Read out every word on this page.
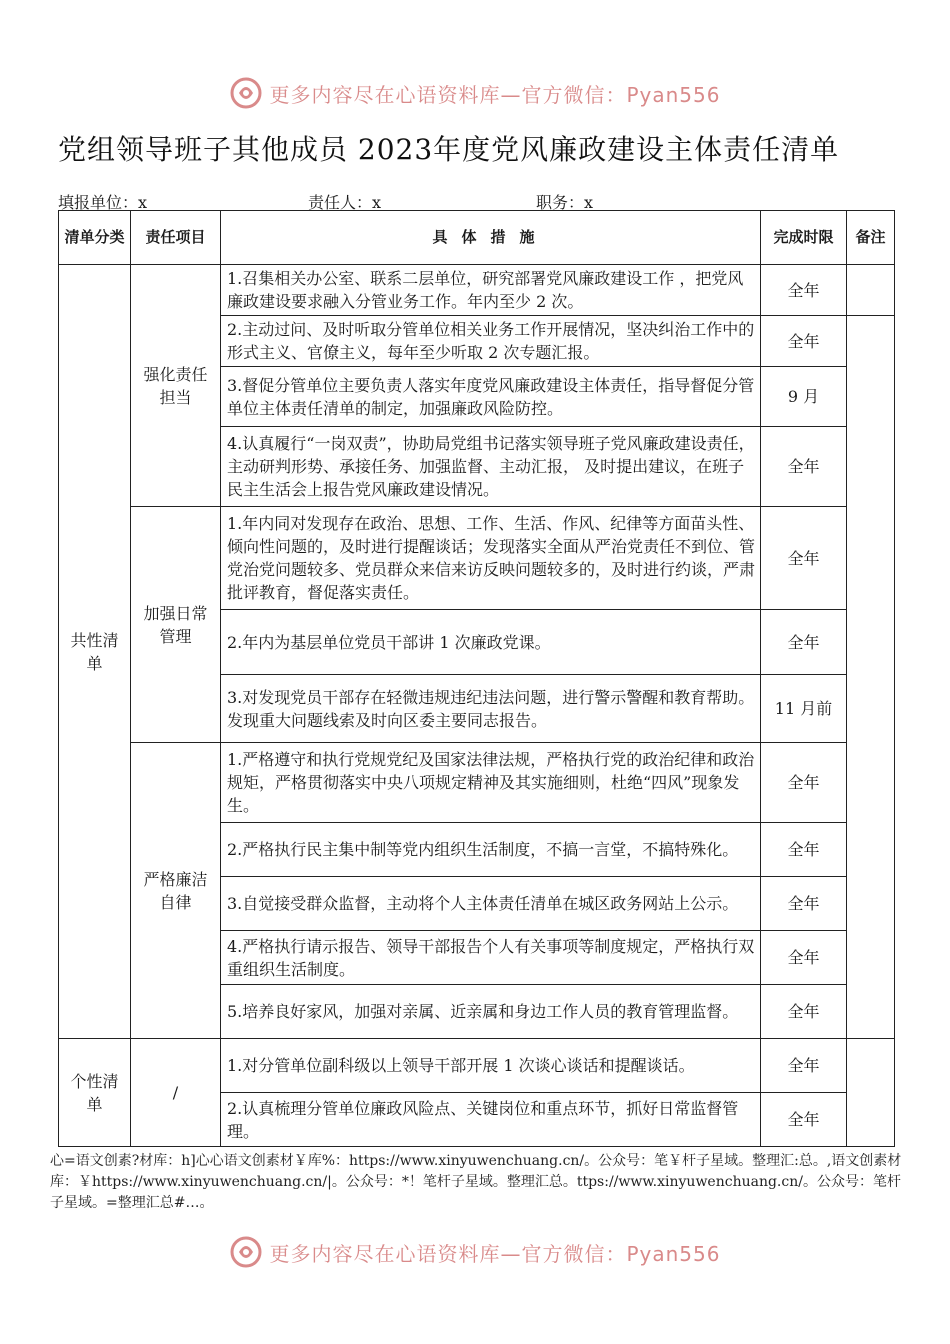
更多内容尽在心语资料库—官方微信：Pyan556
党组领导班子其他成员 2023年度党风廉政建设主体责任清单
填报单位：x	责任人：x	职务：x
清单分类	责任项目	具体措施	完成时限	备注
共性清单	强化责任担当	1.召集相关办公室、联系二层单位，研究部署党风廉政建设工作 ，把党风廉政建设要求融入分管业务工作。年内至少 2 次。	全年	
		2.主动过问、及时听取分管单位相关业务工作开展情况，坚决纠治工作中的形式主义、官僚主义，每年至少听取 2 次专题汇报。	全年	
		3.督促分管单位主要负责人落实年度党风廉政建设主体责任，指导督促分管单位主体责任清单的制定，加强廉政风险防控。	9 月	
		4.认真履行“一岗双责”，协助局党组书记落实领导班子党风廉政建设责任，主动研判形势、承接任务、加强监督、主动汇报， 及时提出建议，在班子民主生活会上报告党风廉政建设情况。	全年	
	加强日常管理	1.年内同对发现存在政治、思想、工作、生活、作风、纪律等方面苗头性、倾向性问题的，及时进行提醒谈话；发现落实全面从严治党责任不到位、管党治党问题较多、党员群众来信来访反映问题较多的，及时进行约谈，严肃批评教育，督促落实责任。	全年	
		2.年内为基层单位党员干部讲 1 次廉政党课。	全年	
		3.对发现党员干部存在轻微违规违纪违法问题，进行警示警醒和教育帮助。发现重大问题线索及时向区委主要同志报告。	11 月前	
	严格廉洁自律	1.严格遵守和执行党规党纪及国家法律法规，严格执行党的政治纪律和政治规矩，严格贯彻落实中央八项规定精神及其实施细则，杜绝“四风”现象发生。	全年	
		2.严格执行民主集中制等党内组织生活制度，不搞一言堂，不搞特殊化。	全年	
		3.自觉接受群众监督，主动将个人主体责任清单在城区政务网站上公示。	全年	
		4.严格执行请示报告、领导干部报告个人有关事项等制度规定，严格执行双重组织生活制度。	全年	
		5.培养良好家风，加强对亲属、近亲属和身边工作人员的教育管理监督。	全年	
个性清单	/	1.对分管单位副科级以上领导干部开展 1 次谈心谈话和提醒谈话。	全年	
		2.认真梳理分管单位廉政风险点、关键岗位和重点环节，抓好日常监督管理。	全年	
心=语文创素?材库：h]心心语文创素材￥库%：https://www.xinyuwenchuang.cn/。公众号：笔￥杆子星域。整理汇:总。,语文创素材库：￥https://www.xinyuwenchuang.cn/|。公众号：*！笔杆子星域。整理汇总。ttps://www.xinyuwenchuang.cn/。公众号：笔杆子星域。=整理汇总#…。
更多内容尽在心语资料库—官方微信：Pyan556
